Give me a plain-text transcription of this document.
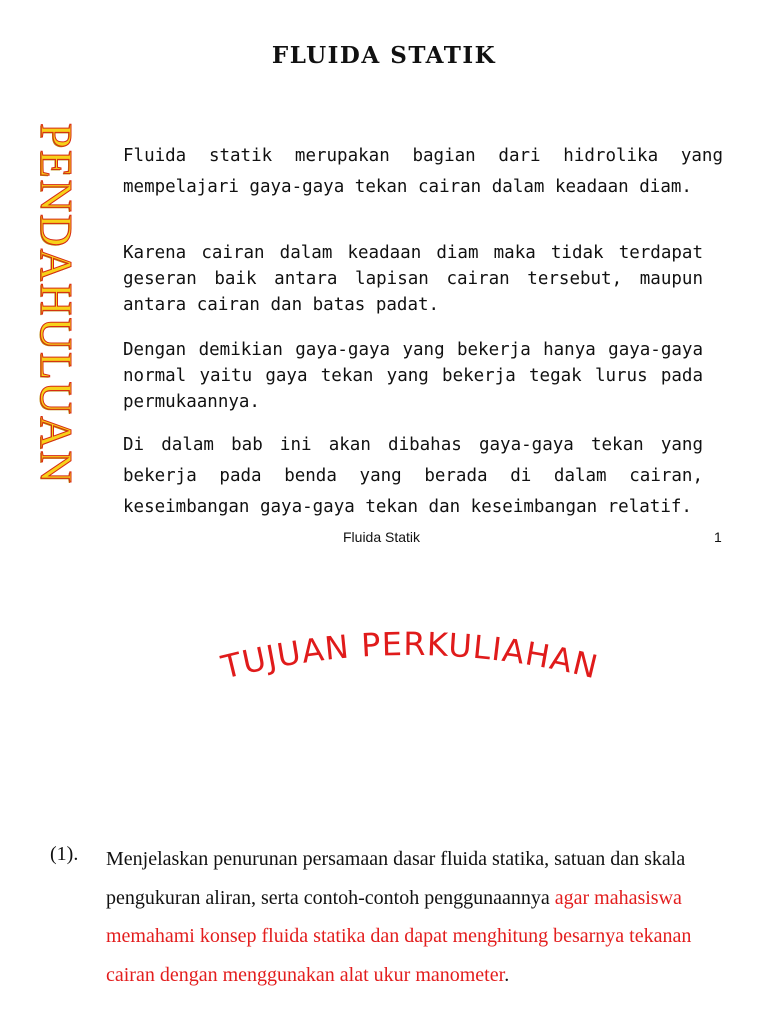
FLUIDA STATIK
PENDAHULUAN Fluida statik merupakan bagian dari hidrolika yang mempelajari gaya-gaya tekan cairan dalam keadaan diam.

Karena cairan dalam keadaan diam maka tidak terdapat geseran baik antara lapisan cairan tersebut, maupun antara cairan dan batas padat.

Dengan demikian gaya-gaya yang bekerja hanya gaya-gaya normal yaitu gaya tekan yang bekerja tegak lurus pada permukaannya.

Di dalam bab ini akan dibahas gaya-gaya tekan yang bekerja pada benda yang berada di dalam cairan, keseimbangan gaya-gaya tekan dan keseimbangan relatif.

Fluida Statik	1
TUJUAN PERKULIAHAN
(1). Menjelaskan penurunan persamaan dasar fluida statika, satuan dan skala pengukuran aliran, serta contoh-contoh penggunaannya agar mahasiswa memahami konsep fluida statika dan dapat menghitung besarnya tekanan cairan dengan menggunakan alat ukur manometer.
